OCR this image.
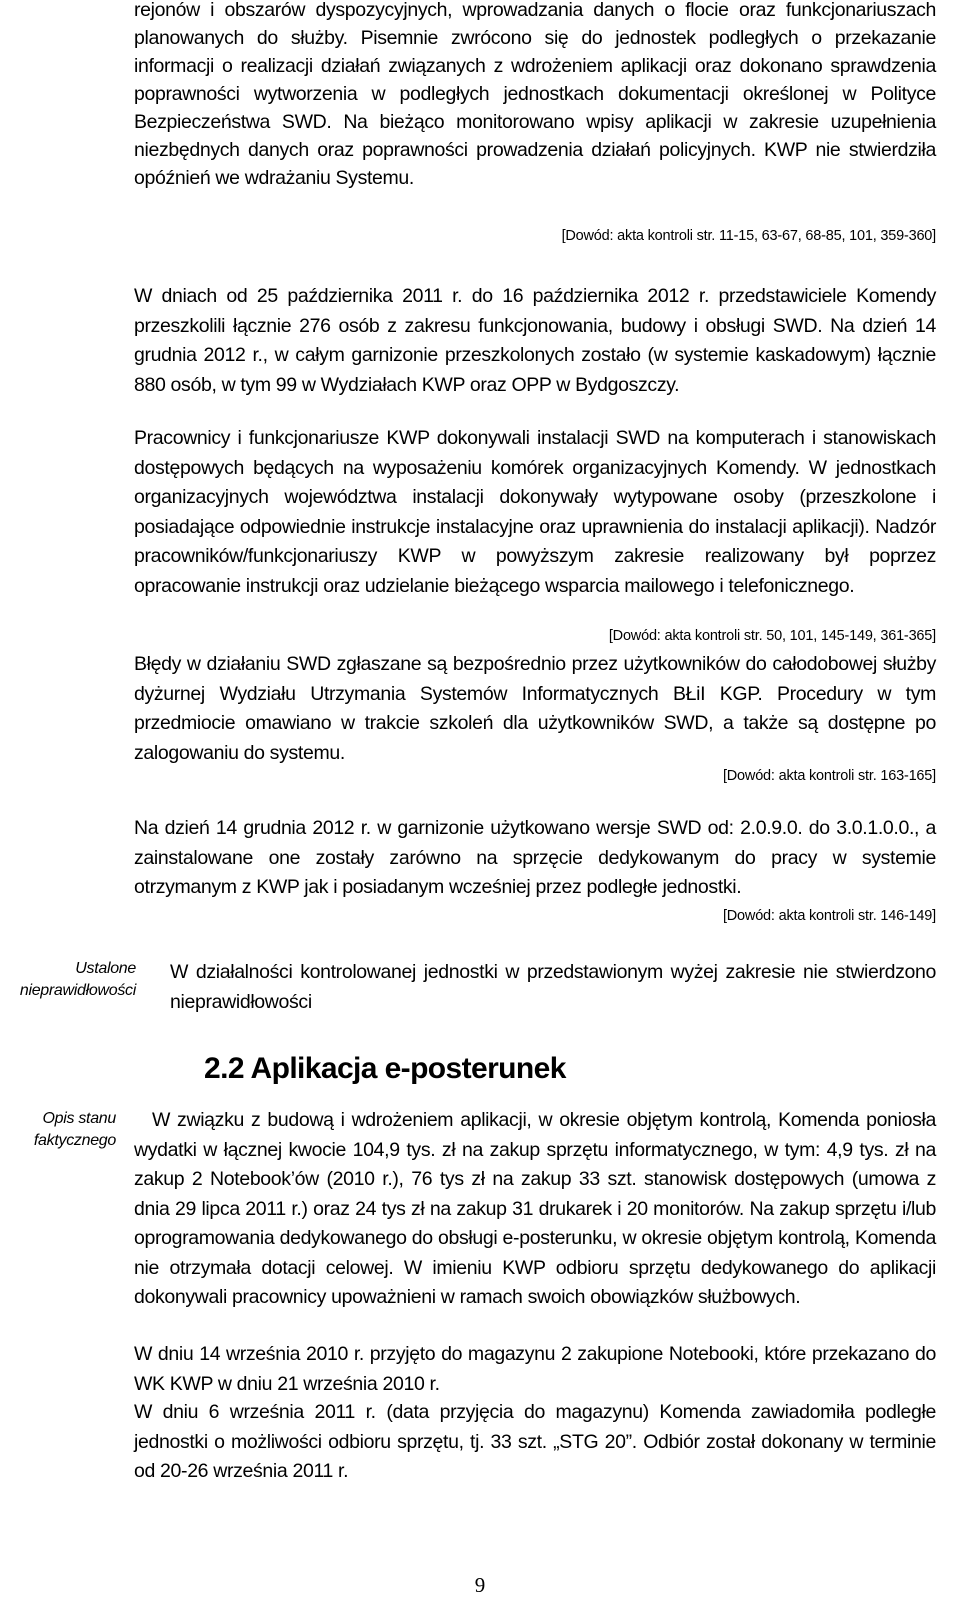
rejonów i obszarów dyspozycyjnych, wprowadzania danych o flocie oraz funkcjonariuszach planowanych do służby. Pisemnie zwrócono się do jednostek podległych o przekazanie informacji o realizacji działań związanych z wdrożeniem aplikacji oraz dokonano sprawdzenia poprawności wytworzenia w podległych jednostkach dokumentacji określonej w Polityce Bezpieczeństwa SWD. Na bieżąco monitorowano wpisy aplikacji w zakresie uzupełnienia niezbędnych danych oraz poprawności prowadzenia działań policyjnych. KWP nie stwierdziła opóźnień we wdrażaniu Systemu.

[Dowód: akta kontroli str. 11-15, 63-67, 68-85, 101, 359-360]

W dniach od 25 października 2011 r. do 16 października 2012 r. przedstawiciele Komendy przeszkolili łącznie 276 osób z zakresu funkcjonowania, budowy i obsługi SWD. Na dzień 14 grudnia 2012 r., w całym garnizonie przeszkolonych zostało (w systemie kaskadowym) łącznie 880 osób, w tym 99 w Wydziałach KWP oraz OPP w Bydgoszczy.

Pracownicy i funkcjonariusze KWP dokonywali instalacji SWD na komputerach i stanowiskach dostępowych będących na wyposażeniu komórek organizacyjnych Komendy. W jednostkach organizacyjnych województwa instalacji dokonywały wytypowane osoby (przeszkolone i posiadające odpowiednie instrukcje instalacyjne oraz uprawnienia do instalacji aplikacji). Nadzór pracowników/funkcjonariuszy KWP w powyższym zakresie realizowany był poprzez opracowanie instrukcji oraz udzielanie bieżącego wsparcia mailowego i telefonicznego.

[Dowód: akta kontroli str. 50, 101, 145-149, 361-365]

Błędy w działaniu SWD zgłaszane są bezpośrednio przez użytkowników do całodobowej służby dyżurnej Wydziału Utrzymania Systemów Informatycznych BŁiI KGP. Procedury w tym przedmiocie omawiano w trakcie szkoleń dla użytkowników SWD, a także są dostępne po zalogowaniu do systemu.

[Dowód: akta kontroli str. 163-165]

Na dzień 14 grudnia 2012 r. w garnizonie użytkowano wersje SWD od: 2.0.9.0. do 3.0.1.0.0., a zainstalowane one zostały zarówno na sprzęcie dedykowanym do pracy w systemie otrzymanym z KWP jak i posiadanym wcześniej przez podległe jednostki.

[Dowód: akta kontroli str. 146-149]

Ustalone
nieprawidłowości

W działalności kontrolowanej jednostki w przedstawionym wyżej zakresie nie stwierdzono nieprawidłowości

2.2 Aplikacja e-posterunek
Opis stanu
faktycznego

W związku z budową i wdrożeniem aplikacji, w okresie objętym kontrolą, Komenda poniosła wydatki w łącznej kwocie 104,9 tys. zł na zakup sprzętu informatycznego, w tym: 4,9 tys. zł na zakup 2 Notebook’ów (2010 r.), 76 tys zł na zakup 33 szt. stanowisk dostępowych (umowa z dnia 29 lipca 2011 r.) oraz 24 tys zł na zakup 31 drukarek i 20 monitorów. Na zakup sprzętu i/lub oprogramowania dedykowanego do obsługi e-posterunku, w okresie objętym kontrolą, Komenda nie otrzymała dotacji celowej. W imieniu KWP odbioru sprzętu dedykowanego do aplikacji dokonywali pracownicy upoważnieni w ramach swoich obowiązków służbowych.

W dniu 14 września 2010 r. przyjęto do magazynu 2 zakupione Notebooki, które przekazano do WK KWP w dniu 21 września 2010 r.

W dniu 6 września 2011 r. (data przyjęcia do magazynu) Komenda zawiadomiła podległe jednostki o możliwości odbioru sprzętu, tj. 33 szt. „STG 20”. Odbiór został dokonany w terminie od 20-26 września 2011 r.

9
